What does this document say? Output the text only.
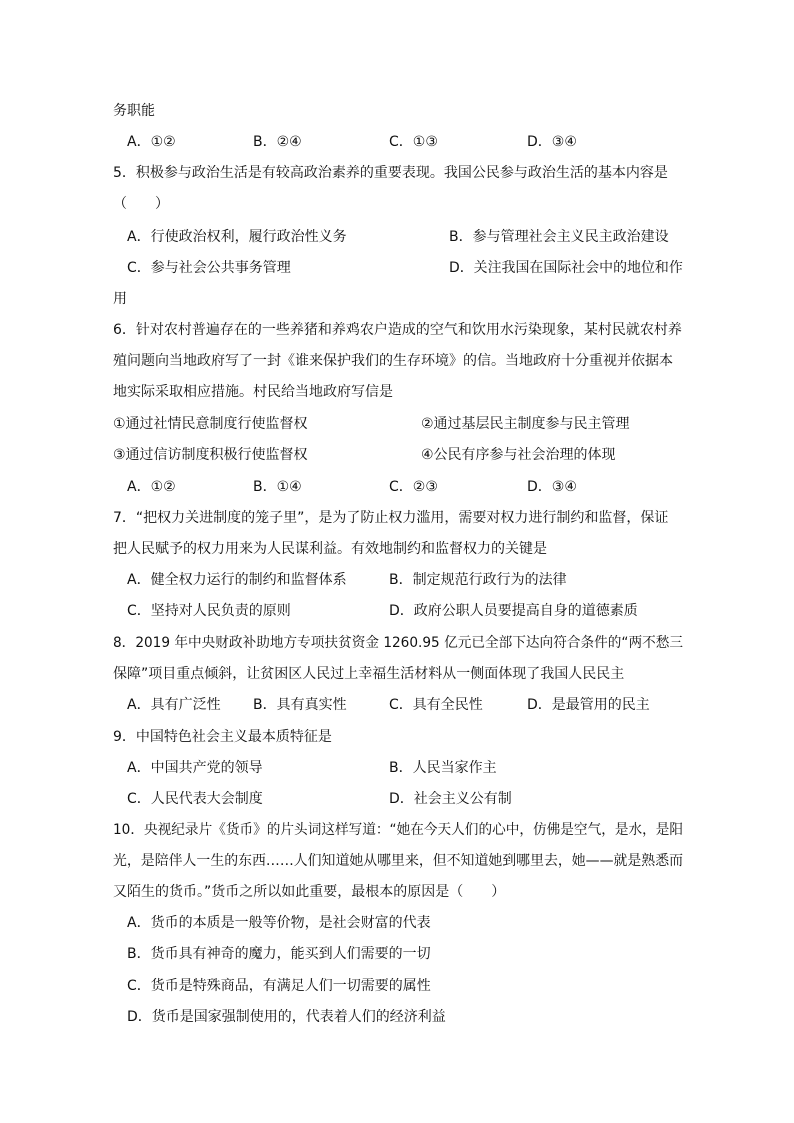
务职能
A．①②	B．②④	C．①③	D．③④
5．积极参与政治生活是有较高政治素养的重要表现。我国公民参与政治生活的基本内容是
（　　）
A．行使政治权利，履行政治性义务	B．参与管理社会主义民主政治建设
C．参与社会公共事务管理	D．关注我国在国际社会中的地位和作
用
6．针对农村普遍存在的一些养猪和养鸡农户造成的空气和饮用水污染现象，某村民就农村养
殖问题向当地政府写了一封《谁来保护我们的生存环境》的信。当地政府十分重视并依据本
地实际采取相应措施。村民给当地政府写信是
①通过社情民意制度行使监督权	②通过基层民主制度参与民主管理
③通过信访制度积极行使监督权	④公民有序参与社会治理的体现
A．①②	B．①④	C．②③	D．③④
7．“把权力关进制度的笼子里”，是为了防止权力滥用，需要对权力进行制约和监督，保证
把人民赋予的权力用来为人民谋利益。有效地制约和监督权力的关键是
A．健全权力运行的制约和监督体系	B．制定规范行政行为的法律
C．坚持对人民负责的原则	D．政府公职人员要提高自身的道德素质
8．2019 年中央财政补助地方专项扶贫资金 1260.95 亿元已全部下达向符合条件的“两不愁三
保障”项目重点倾斜，让贫困区人民过上幸福生活材料从一侧面体现了我国人民民主
A．具有广泛性 B．具有真实性	C．具有全民性	D．是最管用的民主
9．中国特色社会主义最本质特征是
A．中国共产党的领导	B．人民当家作主
C．人民代表大会制度	D．社会主义公有制
10．央视纪录片《货币》的片头词这样写道：“她在今天人们的心中，仿佛是空气，是水，是阳
光，是陪伴人一生的东西……人们知道她从哪里来，但不知道她到哪里去，她——就是熟悉而
又陌生的货币。”货币之所以如此重要，最根本的原因是（　　）
A．货币的本质是一般等价物，是社会财富的代表
B．货币具有神奇的魔力，能买到人们需要的一切
C．货币是特殊商品，有满足人们一切需要的属性
D．货币是国家强制使用的，代表着人们的经济利益
